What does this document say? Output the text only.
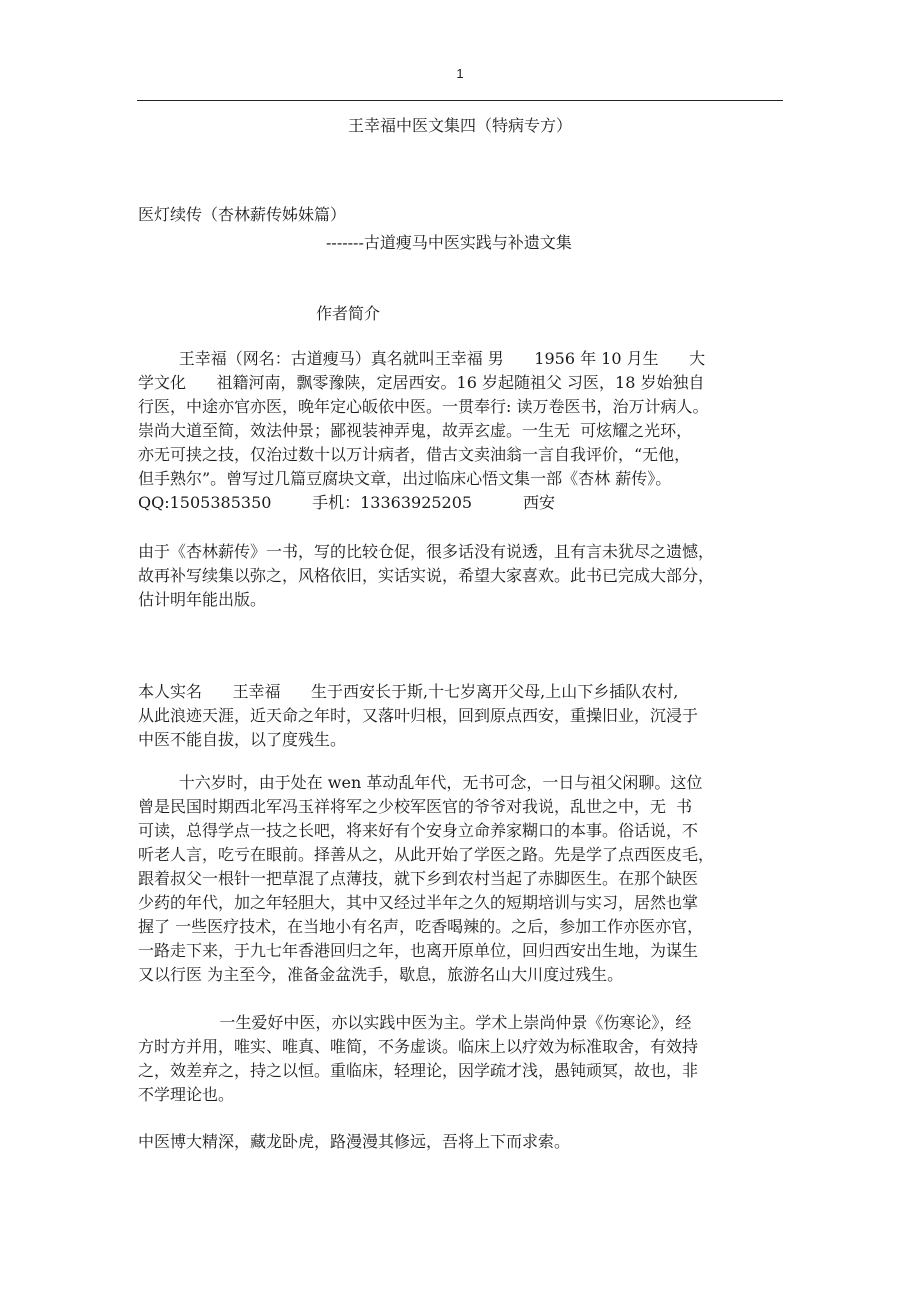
1
王幸福中医文集四（特病专方）
医灯续传（杏林薪传姊妹篇）
-------古道瘦马中医实践与补遗文集
作者简介
王幸福（网名：古道瘦马）真名就叫王幸福 男      1956 年 10 月生      大
学文化      祖籍河南，飘零豫陕，定居西安。16 岁起随祖父 习医，18 岁始独自
行医，中途亦官亦医，晚年定心皈依中医。一贯奉行: 读万卷医书，治万计病人。
崇尚大道至简，效法仲景；鄙视装神弄鬼，故弄玄虚。一生无  可炫耀之光环，
亦无可挟之技，仅治过数十以万计病者，借古文卖油翁一言自我评价，“无他，
但手熟尔”。曾写过几篇豆腐块文章，出过临床心悟文集一部《杏林 薪传》。
QQ:1505385350        手机：13363925205          西安
由于《杏林薪传》一书，写的比较仓促，很多话没有说透，且有言未犹尽之遗憾，
故再补写续集以弥之，风格依旧，实话实说，希望大家喜欢。此书已完成大部分，
估计明年能出版。
本人实名      王幸福      生于西安长于斯,十七岁离开父母,上山下乡插队农村,
从此浪迹天涯，近天命之年时，又落叶归根，回到原点西安，重操旧业，沉浸于
中医不能自拔，以了度残生。
十六岁时，由于处在 wen 革动乱年代，无书可念，一日与祖父闲聊。这位
曾是民国时期西北军冯玉祥将军之少校军医官的爷爷对我说，乱世之中，无  书
可读，总得学点一技之长吧，将来好有个安身立命养家糊口的本事。俗话说，不
听老人言，吃亏在眼前。择善从之，从此开始了学医之路。先是学了点西医皮毛，
跟着叔父一根针一把草混了点薄技，就下乡到农村当起了赤脚医生。在那个缺医
少药的年代，加之年轻胆大，其中又经过半年之久的短期培训与实习，居然也掌
握了 一些医疗技术，在当地小有名声，吃香喝辣的。之后，参加工作亦医亦官，
一路走下来，于九七年香港回归之年，也离开原单位，回归西安出生地，为谋生
又以行医 为主至今，准备金盆洗手，歇息，旅游名山大川度过残生。
一生爱好中医，亦以实践中医为主。学术上崇尚仲景《伤寒论》，经
方时方并用，唯实、唯真、唯简，不务虚谈。临床上以疗效为标准取舍，有效持
之，效差弃之，持之以恒。重临床，轻理论，因学疏才浅，愚钝顽冥，故也，非
不学理论也。
中医博大精深，藏龙卧虎，路漫漫其修远，吾将上下而求索。
